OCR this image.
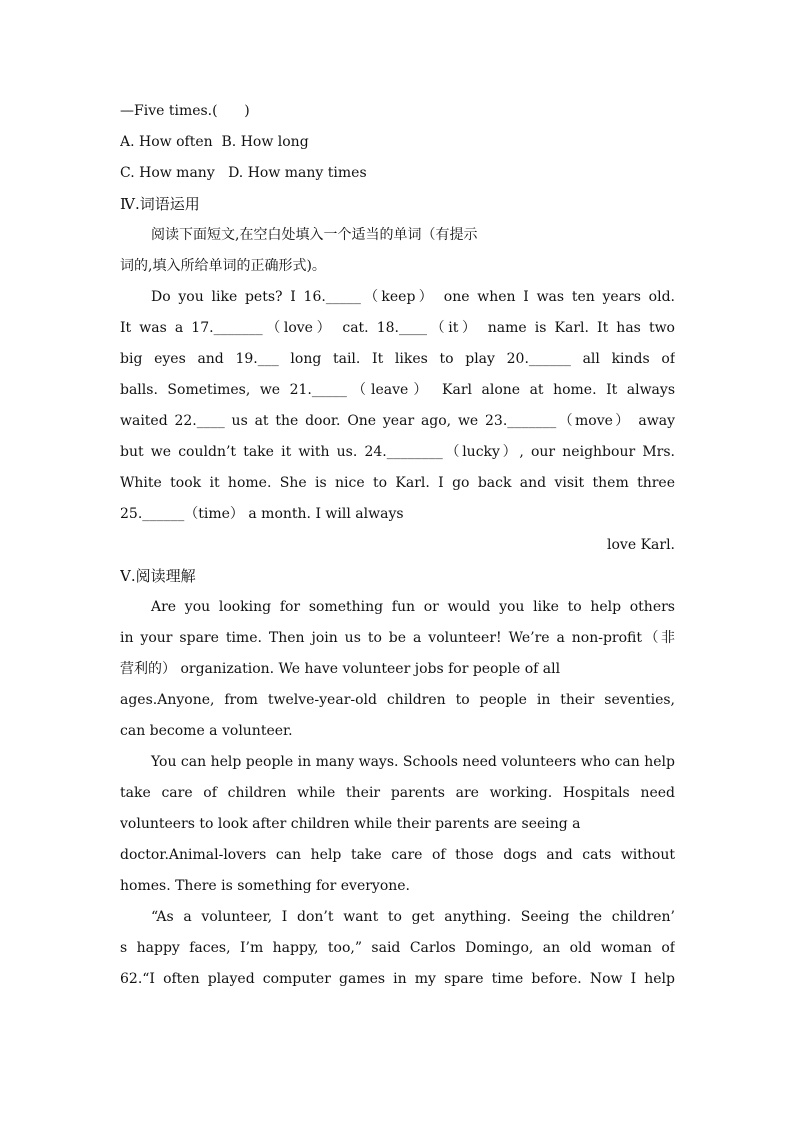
—Five times.(      )
A. How often  B. How long
C. How many   D. How many times
Ⅳ.词语运用
阅读下面短文,在空白处填入一个适当的单词（有提示
词的,填入所给单词的正确形式)。
Do you like pets? I 16._____（keep） one when I was ten years old.
It was a 17._______（love） cat. 18.____（it） name is Karl. It has two
big eyes and 19.___ long tail. It likes to play 20.______ all kinds of
balls. Sometimes, we 21._____（leave） Karl alone at home. It always
waited 22.____ us at the door. One year ago, we 23._______（move） away
but we couldn’t take it with us. 24.________（lucky）, our neighbour Mrs.
White took it home. She is nice to Karl. I go back and visit them three
25.______（time） a month. I will always
love Karl.
Ⅴ.阅读理解
Are you looking for something fun or would you like to help others
in your spare time. Then join us to be a volunteer! We’re a non-profit（非
营利的） organization. We have volunteer jobs for people of all
ages.Anyone, from twelve-year-old children to people in their seventies,
can become a volunteer.
You can help people in many ways. Schools need volunteers who can help
take care of children while their parents are working. Hospitals need
volunteers to look after children while their parents are seeing a
doctor.Animal-lovers can help take care of those dogs and cats without
homes. There is something for everyone.
“As a volunteer, I don’t want to get anything. Seeing the children’
s happy faces, I’m happy, too,” said Carlos Domingo, an old woman of
62.“I often played computer games in my spare time before. Now I help
